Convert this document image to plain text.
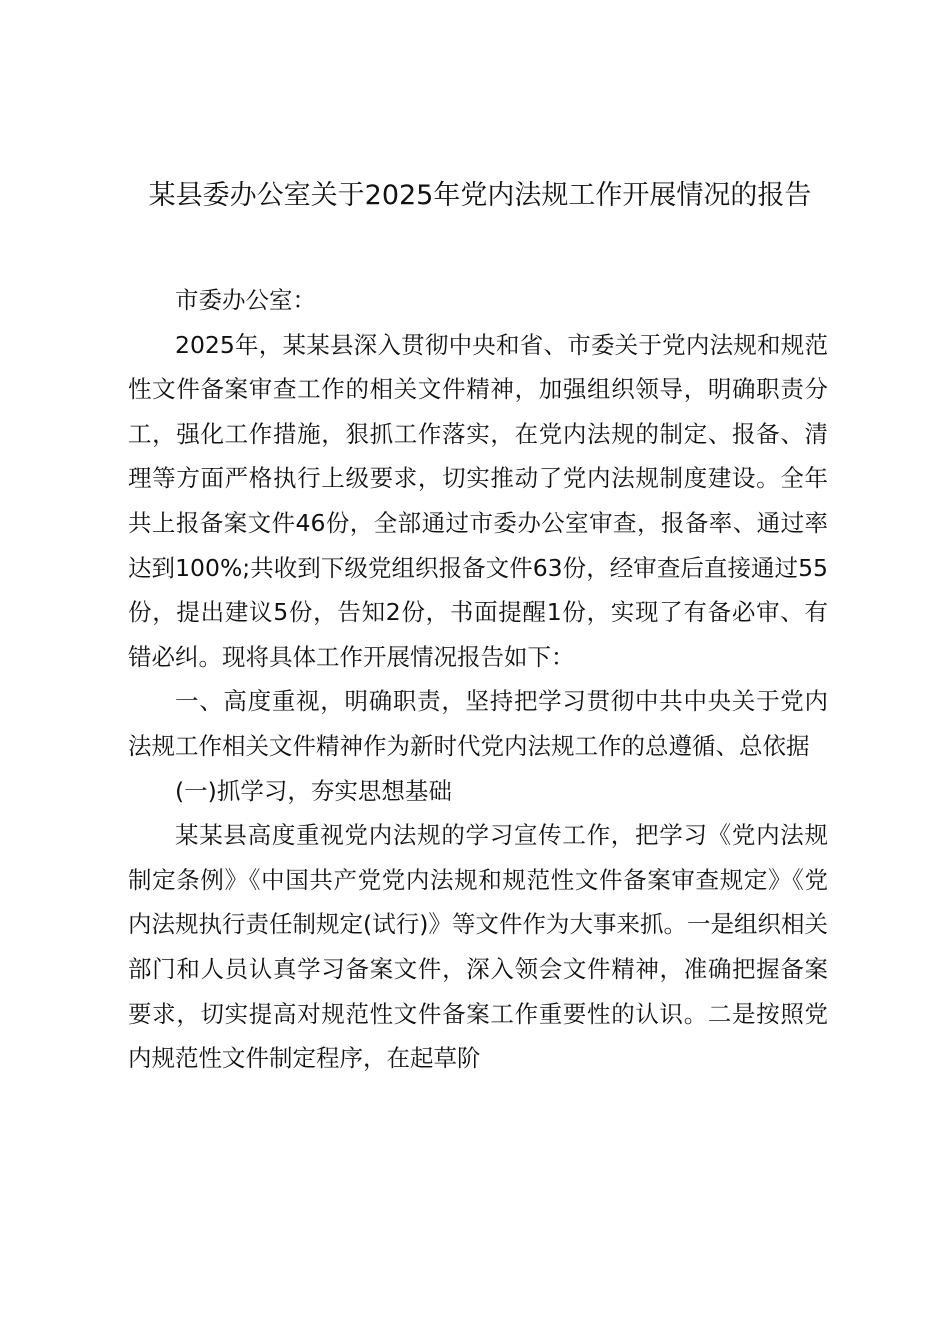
某县委办公室关于2025年党内法规工作开展情况的报告

市委办公室：

2025年，某某县深入贯彻中央和省、市委关于党内法规和规范性文件备案审查工作的相关文件精神，加强组织领导，明确职责分工，强化工作措施，狠抓工作落实，在党内法规的制定、报备、清理等方面严格执行上级要求，切实推动了党内法规制度建设。全年共上报备案文件46份，全部通过市委办公室审查，报备率、通过率达到100%;共收到下级党组织报备文件63份，经审查后直接通过55份，提出建议5份，告知2份，书面提醒1份，实现了有备必审、有错必纠。现将具体工作开展情况报告如下：

一、高度重视，明确职责，坚持把学习贯彻中共中央关于党内法规工作相关文件精神作为新时代党内法规工作的总遵循、总依据

(一)抓学习，夯实思想基础

某某县高度重视党内法规的学习宣传工作，把学习《党内法规制定条例》《中国共产党党内法规和规范性文件备案审查规定》《党内法规执行责任制规定(试行)》等文件作为大事来抓。一是组织相关部门和人员认真学习备案文件，深入领会文件精神，准确把握备案要求，切实提高对规范性文件备案工作重要性的认识。二是按照党内规范性文件制定程序，在起草阶
